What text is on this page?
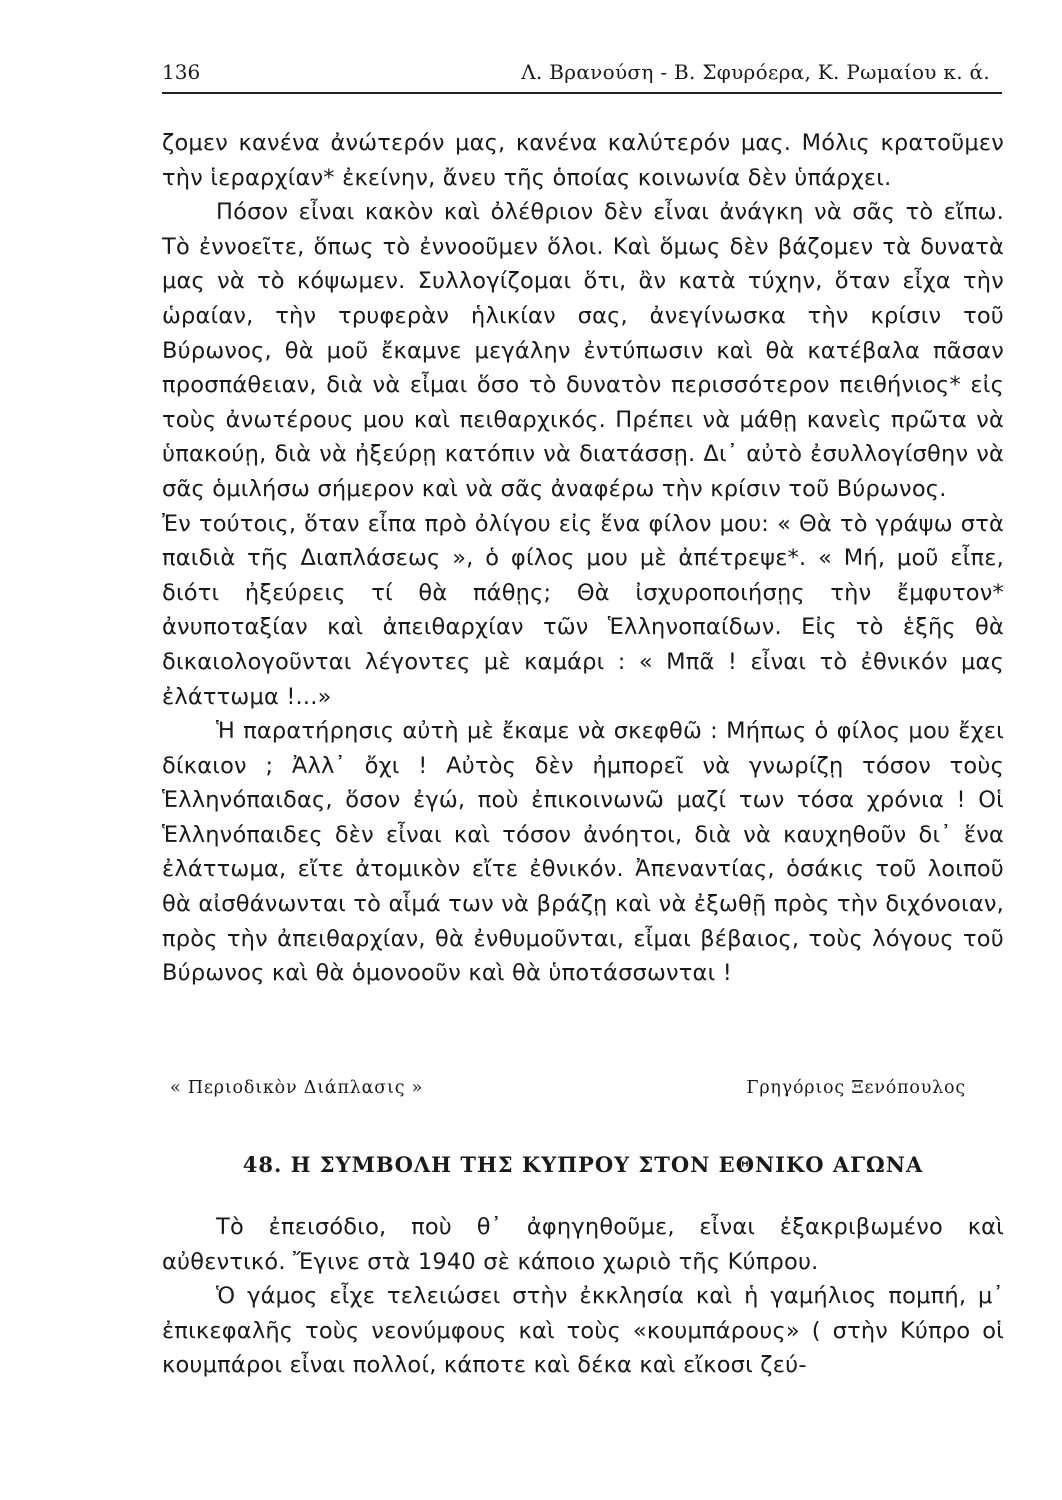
136	Λ. Βρανούση - Β. Σφυρόερα, Κ. Ρωμαίου κ. ά.

ζομεν κανένα ἀνώτερόν μας, κανένα καλύτερόν μας. Μόλις κρατοῦμεν τὴν ἱεραρχίαν* ἐκείνην, ἄνευ τῆς ὁποίας κοινωνία δὲν ὑπάρχει.

Πόσον εἶναι κακὸν καὶ ὀλέθριον δὲν εἶναι ἀνάγκη νὰ σᾶς τὸ εἴπω. Τὸ ἐννοεῖτε, ὅπως τὸ ἐννοοῦμεν ὅλοι. Καὶ ὅμως δὲν βάζομεν τὰ δυνατὰ μας νὰ τὸ κόψωμεν. Συλλογίζομαι ὅτι, ἂν κατὰ τύχην, ὅταν εἶχα τὴν ὡραίαν, τὴν τρυφερὰν ἡλικίαν σας, ἀνεγίνωσκα τὴν κρίσιν τοῦ Βύρωνος, θὰ μοῦ ἔκαμνε μεγάλην ἐντύπωσιν καὶ θὰ κατέβαλα πᾶσαν προσπάθειαν, διὰ νὰ εἶμαι ὅσο τὸ δυνατὸν περισσότερον πειθήνιος* εἰς τοὺς ἀνωτέρους μου καὶ πειθαρχικός. Πρέπει νὰ μάθῃ κανεὶς πρῶτα νὰ ὑπακούῃ, διὰ νὰ ἠξεύρῃ κατόπιν νὰ διατάσσῃ. Δι᾽ αὐτὸ ἐσυλλογίσθην νὰ σᾶς ὁμιλήσω σήμερον καὶ νὰ σᾶς ἀναφέρω τὴν κρίσιν τοῦ Βύρωνος.

Ἐν τούτοις, ὅταν εἶπα πρὸ ὀλίγου εἰς ἕνα φίλον μου: « Θὰ τὸ γράψω στὰ παιδιὰ τῆς Διαπλάσεως », ὁ φίλος μου μὲ ἀπέτρεψε*. « Μή, μοῦ εἶπε, διότι ἠξεύρεις τί θὰ πάθῃς; Θὰ ἰσχυροποιήσῃς τὴν ἔμφυτον* ἀνυποταξίαν καὶ ἀπειθαρχίαν τῶν Ἑλληνοπαίδων. Εἰς τὸ ἑξῆς θὰ δικαιολογοῦνται λέγοντες μὲ καμάρι : « Μπᾶ ! εἶναι τὸ ἐθνικόν μας ἐλάττωμα !...»

Ἡ παρατήρησις αὐτὴ μὲ ἔκαμε νὰ σκεφθῶ : Μήπως ὁ φίλος μου ἔχει δίκαιον ; Ἀλλ᾽ ὄχι ! Αὐτὸς δὲν ἠμπορεῖ νὰ γνωρίζῃ τόσον τοὺς Ἑλληνόπαιδας, ὅσον ἐγώ, ποὺ ἐπικοινωνῶ μαζί των τόσα χρόνια ! Οἱ Ἑλληνόπαιδες δὲν εἶναι καὶ τόσον ἀνόητοι, διὰ νὰ καυχηθοῦν δι᾽ ἕνα ἐλάττωμα, εἴτε ἀτομικὸν εἴτε ἐθνικόν. Ἀπεναντίας, ὁσάκις τοῦ λοιποῦ θὰ αἰσθάνωνται τὸ αἷμά των νὰ βράζῃ καὶ νὰ ἐξωθῇ πρὸς τὴν διχόνοιαν, πρὸς τὴν ἀπειθαρχίαν, θὰ ἐνθυμοῦνται, εἶμαι βέβαιος, τοὺς λόγους τοῦ Βύρωνος καὶ θὰ ὁμονοοῦν καὶ θὰ ὑποτάσσωνται !

« Περιοδικὸν Διάπλασις »	Γρηγόριος Ξενόπουλος
48. Η ΣΥΜΒΟΛΗ ΤΗΣ ΚΥΠΡΟΥ ΣΤΟΝ ΕΘΝΙΚΟ ΑΓΩΝΑ

Τὸ ἐπεισόδιο, ποὺ θ᾽ ἀφηγηθοῦμε, εἶναι ἐξακριβωμένο καὶ αὐθεντικό. Ἔγινε στὰ 1940 σὲ κάποιο χωριὸ τῆς Κύπρου.

Ὁ γάμος εἶχε τελειώσει στὴν ἐκκλησία καὶ ἡ γαμήλιος πομπή, μ᾽ ἐπικεφαλῆς τοὺς νεονύμφους καὶ τοὺς «κουμπάρους» ( στὴν Κύπρο οἱ κουμπάροι εἶναι πολλοί, κάποτε καὶ δέκα καὶ εἴκοσι ζεύ-
